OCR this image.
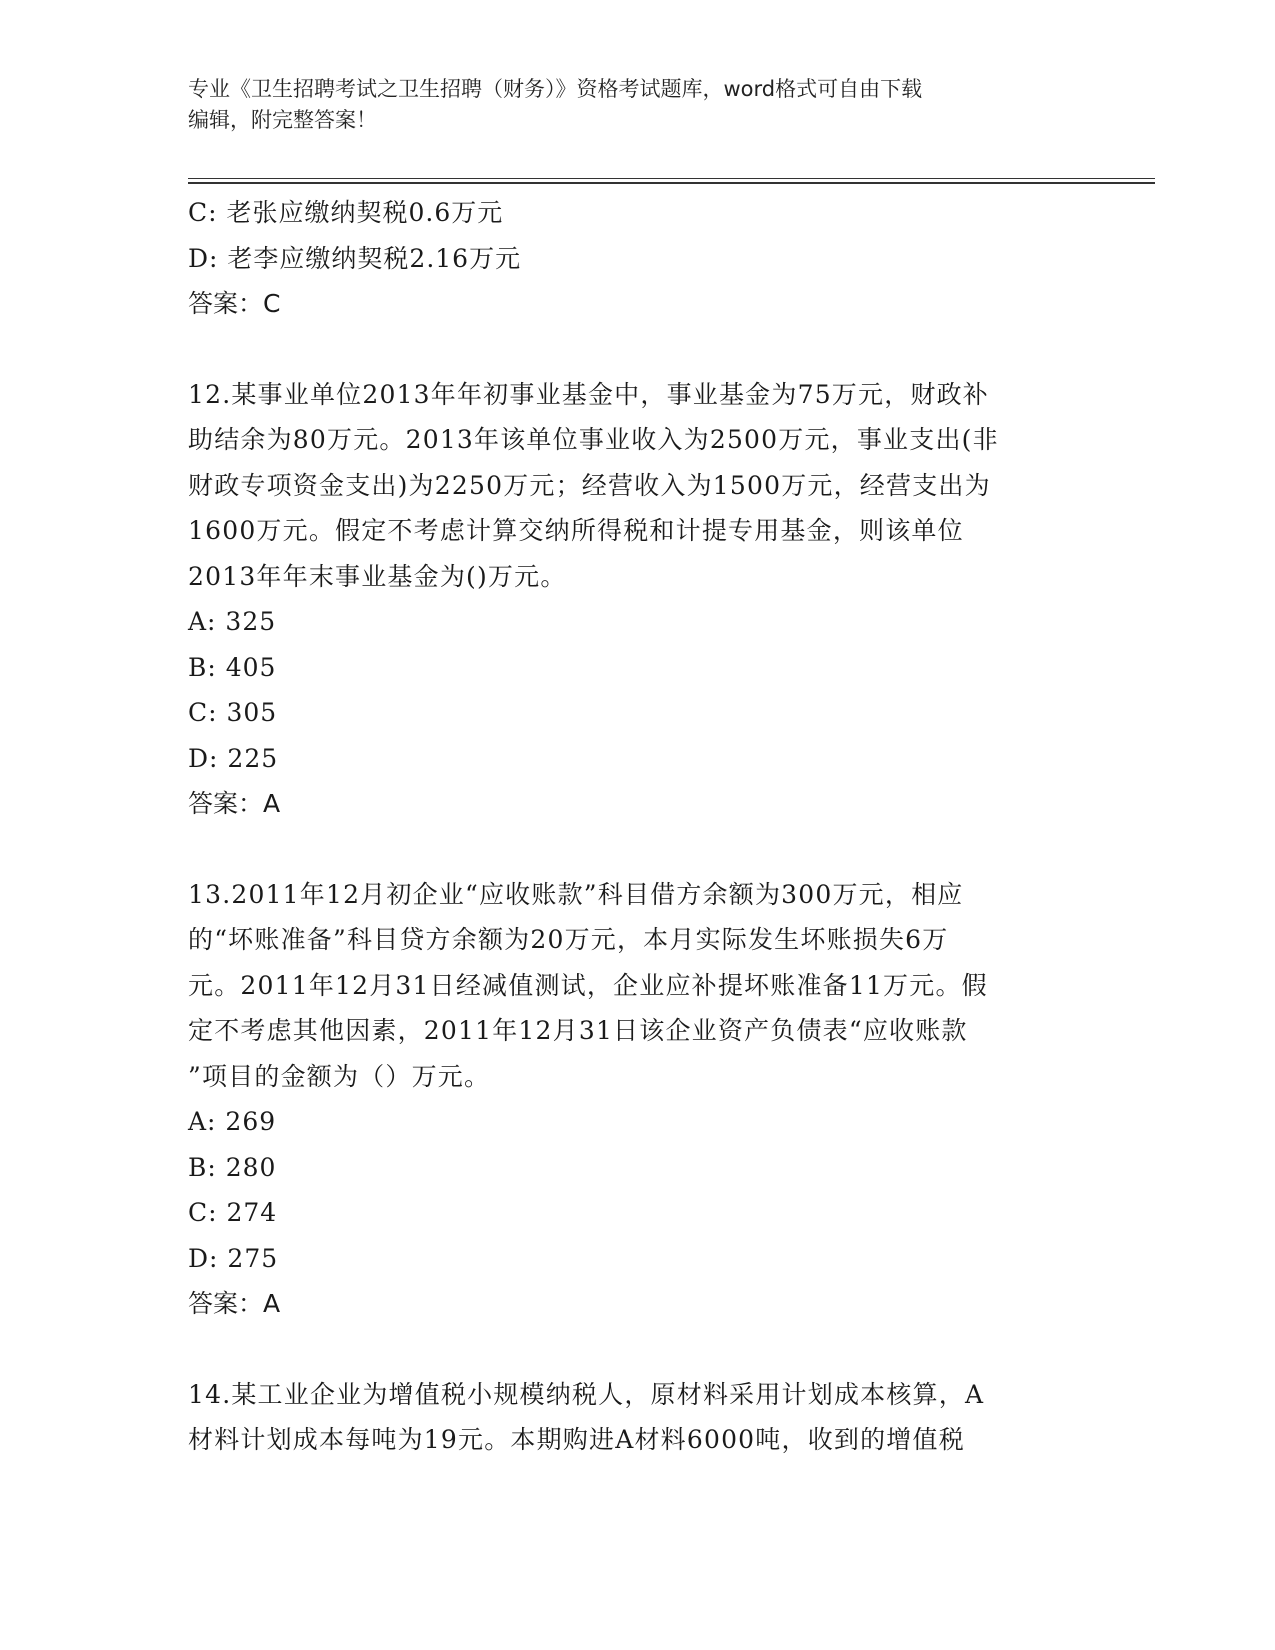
专业《卫生招聘考试之卫生招聘（财务）》资格考试题库，word格式可自由下载
编辑，附完整答案！
C: 老张应缴纳契税0.6万元
D: 老李应缴纳契税2.16万元
答案：C
12.某事业单位2013年年初事业基金中，事业基金为75万元，财政补
助结余为80万元。2013年该单位事业收入为2500万元，事业支出(非
财政专项资金支出)为2250万元；经营收入为1500万元，经营支出为
1600万元。假定不考虑计算交纳所得税和计提专用基金，则该单位
2013年年末事业基金为()万元。
A: 325
B: 405
C: 305
D: 225
答案：A
13.2011年12月初企业“应收账款”科目借方余额为300万元，相应
的“坏账准备”科目贷方余额为20万元，本月实际发生坏账损失6万
元。2011年12月31日经减值测试，企业应补提坏账准备11万元。假
定不考虑其他因素，2011年12月31日该企业资产负债表“应收账款
”项目的金额为（）万元。
A: 269
B: 280
C: 274
D: 275
答案：A
14.某工业企业为增值税小规模纳税人，原材料采用计划成本核算，A
材料计划成本每吨为19元。本期购进A材料6000吨，收到的增值税
